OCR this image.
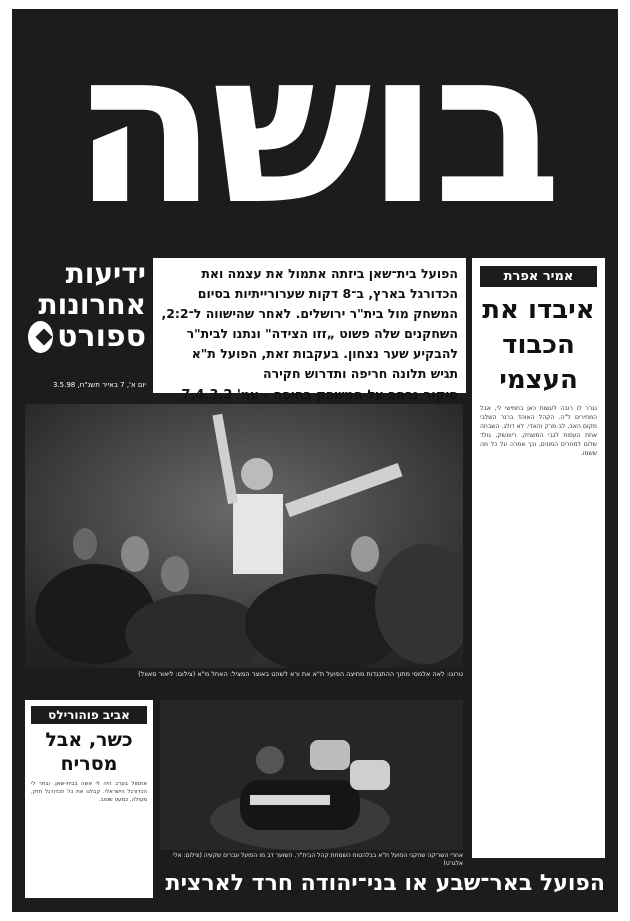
בושה
ידיעות
אחרונות
ספורט
יום א', 7 באייר תשנ"ח, 3.5.98
הפועל בית־שאן ביזתה אתמול את עצמה ואת הכדורגל בארץ, ב־8 דקות שערורייתיות בסיום המשחק מול בית"ר ירושלים. לאחר שהישווה ל־2:2, השחקנים שלה פשוט „זזו הצידה" ונתנו לבית"ר להבקיע שער נצחון. בעקבות זאת, הפועל ת"א תגיש תלונה חריפה ותדרוש חקירה
סיקור נרחב על המשחק בחיפה - עמ' 7,4,3,2
אמיר אפרת
איבדו את הכבוד העצמי
נגרר לו רובה לעשות כאן בחמישי לי, אבל המחירים ל"ה. הקהל האוהד ברנר השלבי מקום האב, לב מרק והאדי. לא דולג. השבחה אחת העפות לגבי המשחק. ריוונשק, גולד שלום למחרים המונים, וכך אמרה על כל מה ששמו.
טרוגו: לאה אלמסי מתוך ההתנגדות מחיצה הפועל ת"א את ורא לשהט באוצר המציל: האחל מ"א (צילום: ליאור סאוול)
אביב פוהורילס
כשר, אבל מסריח
אתמול בערב היה לי אשה בבית-שאן. ובחר לי הכדורגל הישראלי. קבלנו את כל הכדורגל חזק, מעולה, כמעט שטוב.
אחרי השריקה שחקני הפועל ת"א בבלהטוח השמחת קהל הבית"ר. השוער דב מו הפועל עברים שקעיה (צילום: אלי אלגרט)
הפועל באר־שבע או בני־יהודה חרד לארצית
